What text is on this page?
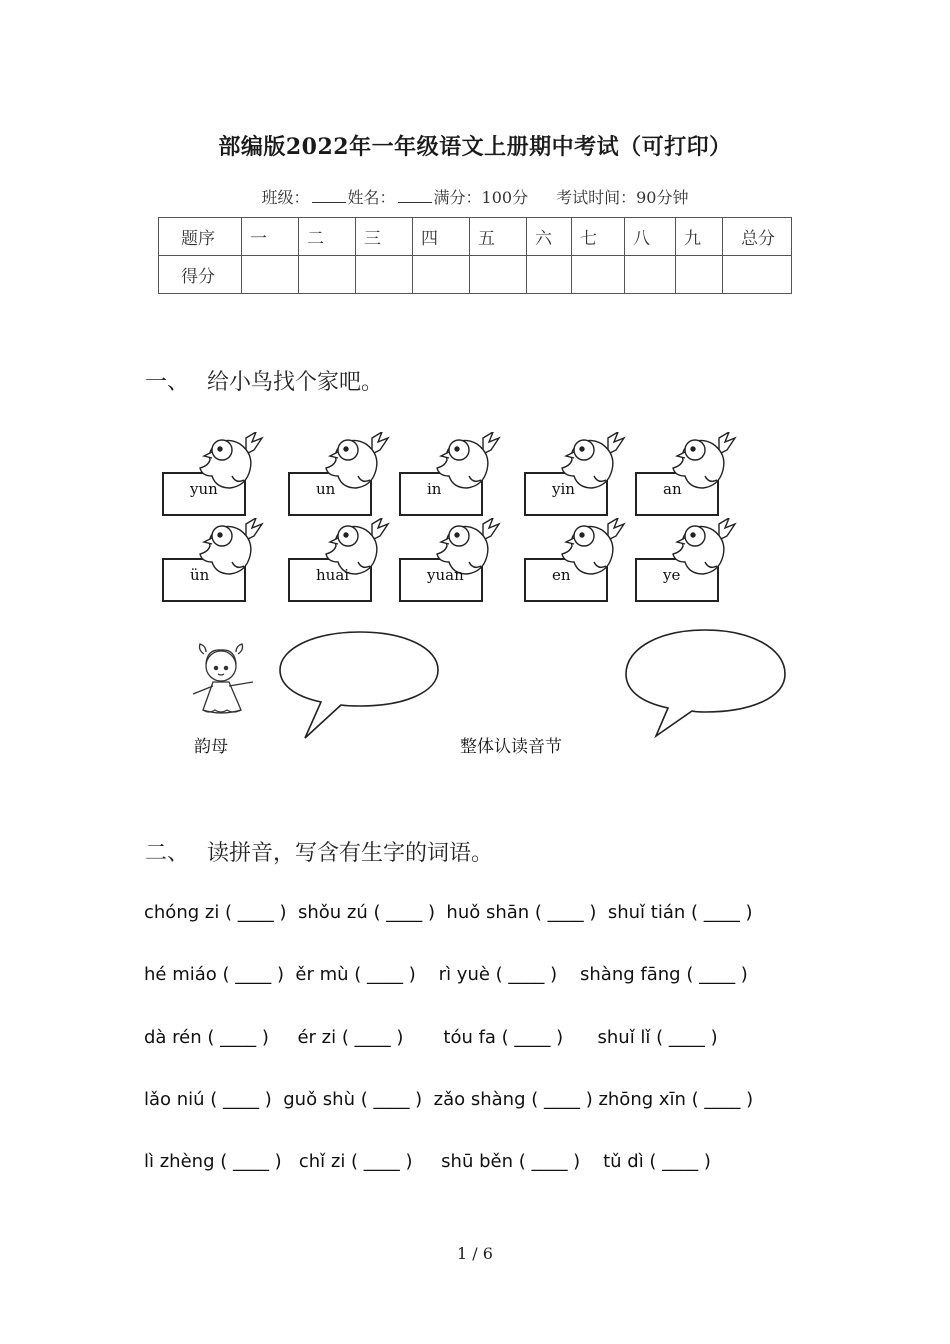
部编版2022年一年级语文上册期中考试（可打印）
班级： 姓名： 满分：100分 考试时间：90分钟
题序	一	二	三	四	五	六	七	八	九	总分
得分										
一、 给小鸟找个家吧。
yun	un	in	yin	an
ün	huai	yuan	en	ye
韵母	整体认读音节
二、 读拼音，写含有生字的词语。
chóng zi ( ____ )  shǒu zú ( ____ )  huǒ shān ( ____ )  shuǐ tián ( ____ )
hé miáo ( ____ )  ěr mù ( ____ )    rì yuè ( ____ )    shàng fāng ( ____ )
dà rén ( ____ )     ér zi ( ____ )       tóu fa ( ____ )      shuǐ lǐ ( ____ )
lǎo niú ( ____ )  guǒ shù ( ____ )  zǎo shàng ( ____ ) zhōng xīn ( ____ )
lì zhèng ( ____ )   chǐ zi ( ____ )     shū běn ( ____ )    tǔ dì ( ____ )
1 / 6
